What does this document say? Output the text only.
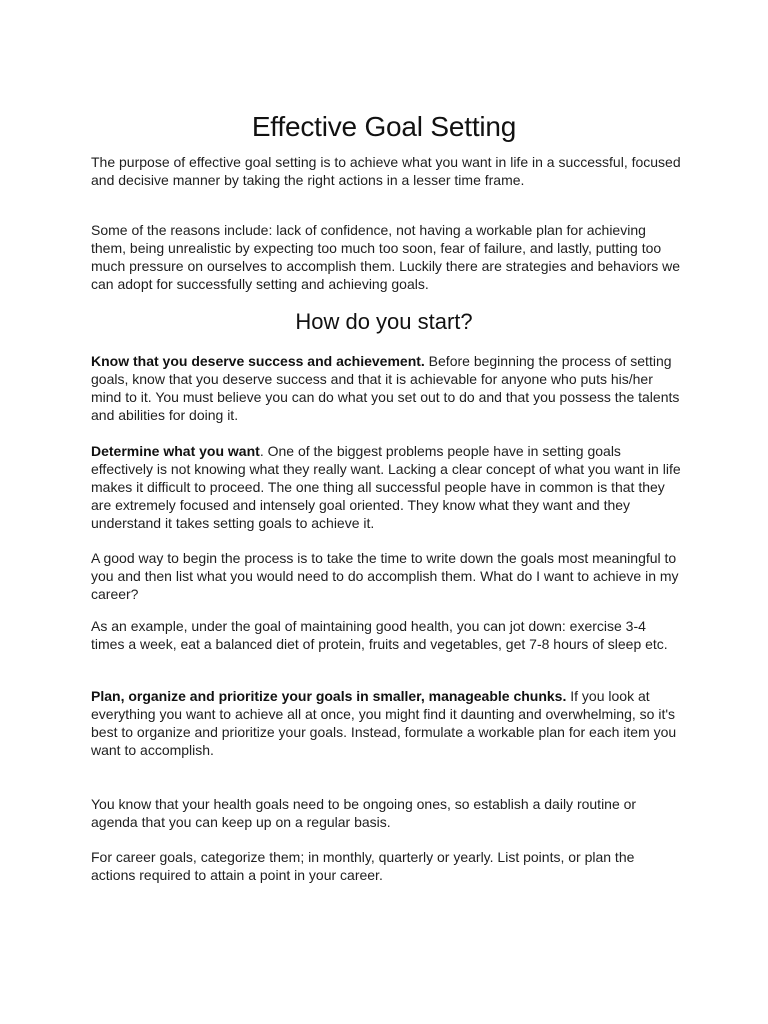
Effective Goal Setting

The purpose of effective goal setting is to achieve what you want in life in a successful, focused and decisive manner by taking the right actions in a lesser time frame.

Some of the reasons include: lack of confidence, not having a workable plan for achieving them, being unrealistic by expecting too much too soon, fear of failure, and lastly, putting too much pressure on ourselves to accomplish them. Luckily there are strategies and behaviors we can adopt for successfully setting and achieving goals.

How do you start?

Know that you deserve success and achievement. Before beginning the process of setting goals, know that you deserve success and that it is achievable for anyone who puts his/her mind to it. You must believe you can do what you set out to do and that you possess the talents and abilities for doing it.

Determine what you want. One of the biggest problems people have in setting goals effectively is not knowing what they really want. Lacking a clear concept of what you want in life makes it difficult to proceed. The one thing all successful people have in common is that they are extremely focused and intensely goal oriented. They know what they want and they understand it takes setting goals to achieve it.

A good way to begin the process is to take the time to write down the goals most meaningful to you and then list what you would need to do accomplish them. What do I want to achieve in my career?

As an example, under the goal of maintaining good health, you can jot down: exercise 3-4 times a week, eat a balanced diet of protein, fruits and vegetables, get 7-8 hours of sleep etc.

Plan, organize and prioritize your goals in smaller, manageable chunks. If you look at everything you want to achieve all at once, you might find it daunting and overwhelming, so it's best to organize and prioritize your goals. Instead, formulate a workable plan for each item you want to accomplish.

You know that your health goals need to be ongoing ones, so establish a daily routine or agenda that you can keep up on a regular basis.

For career goals, categorize them; in monthly, quarterly or yearly. List points, or plan the actions required to attain a point in your career.
